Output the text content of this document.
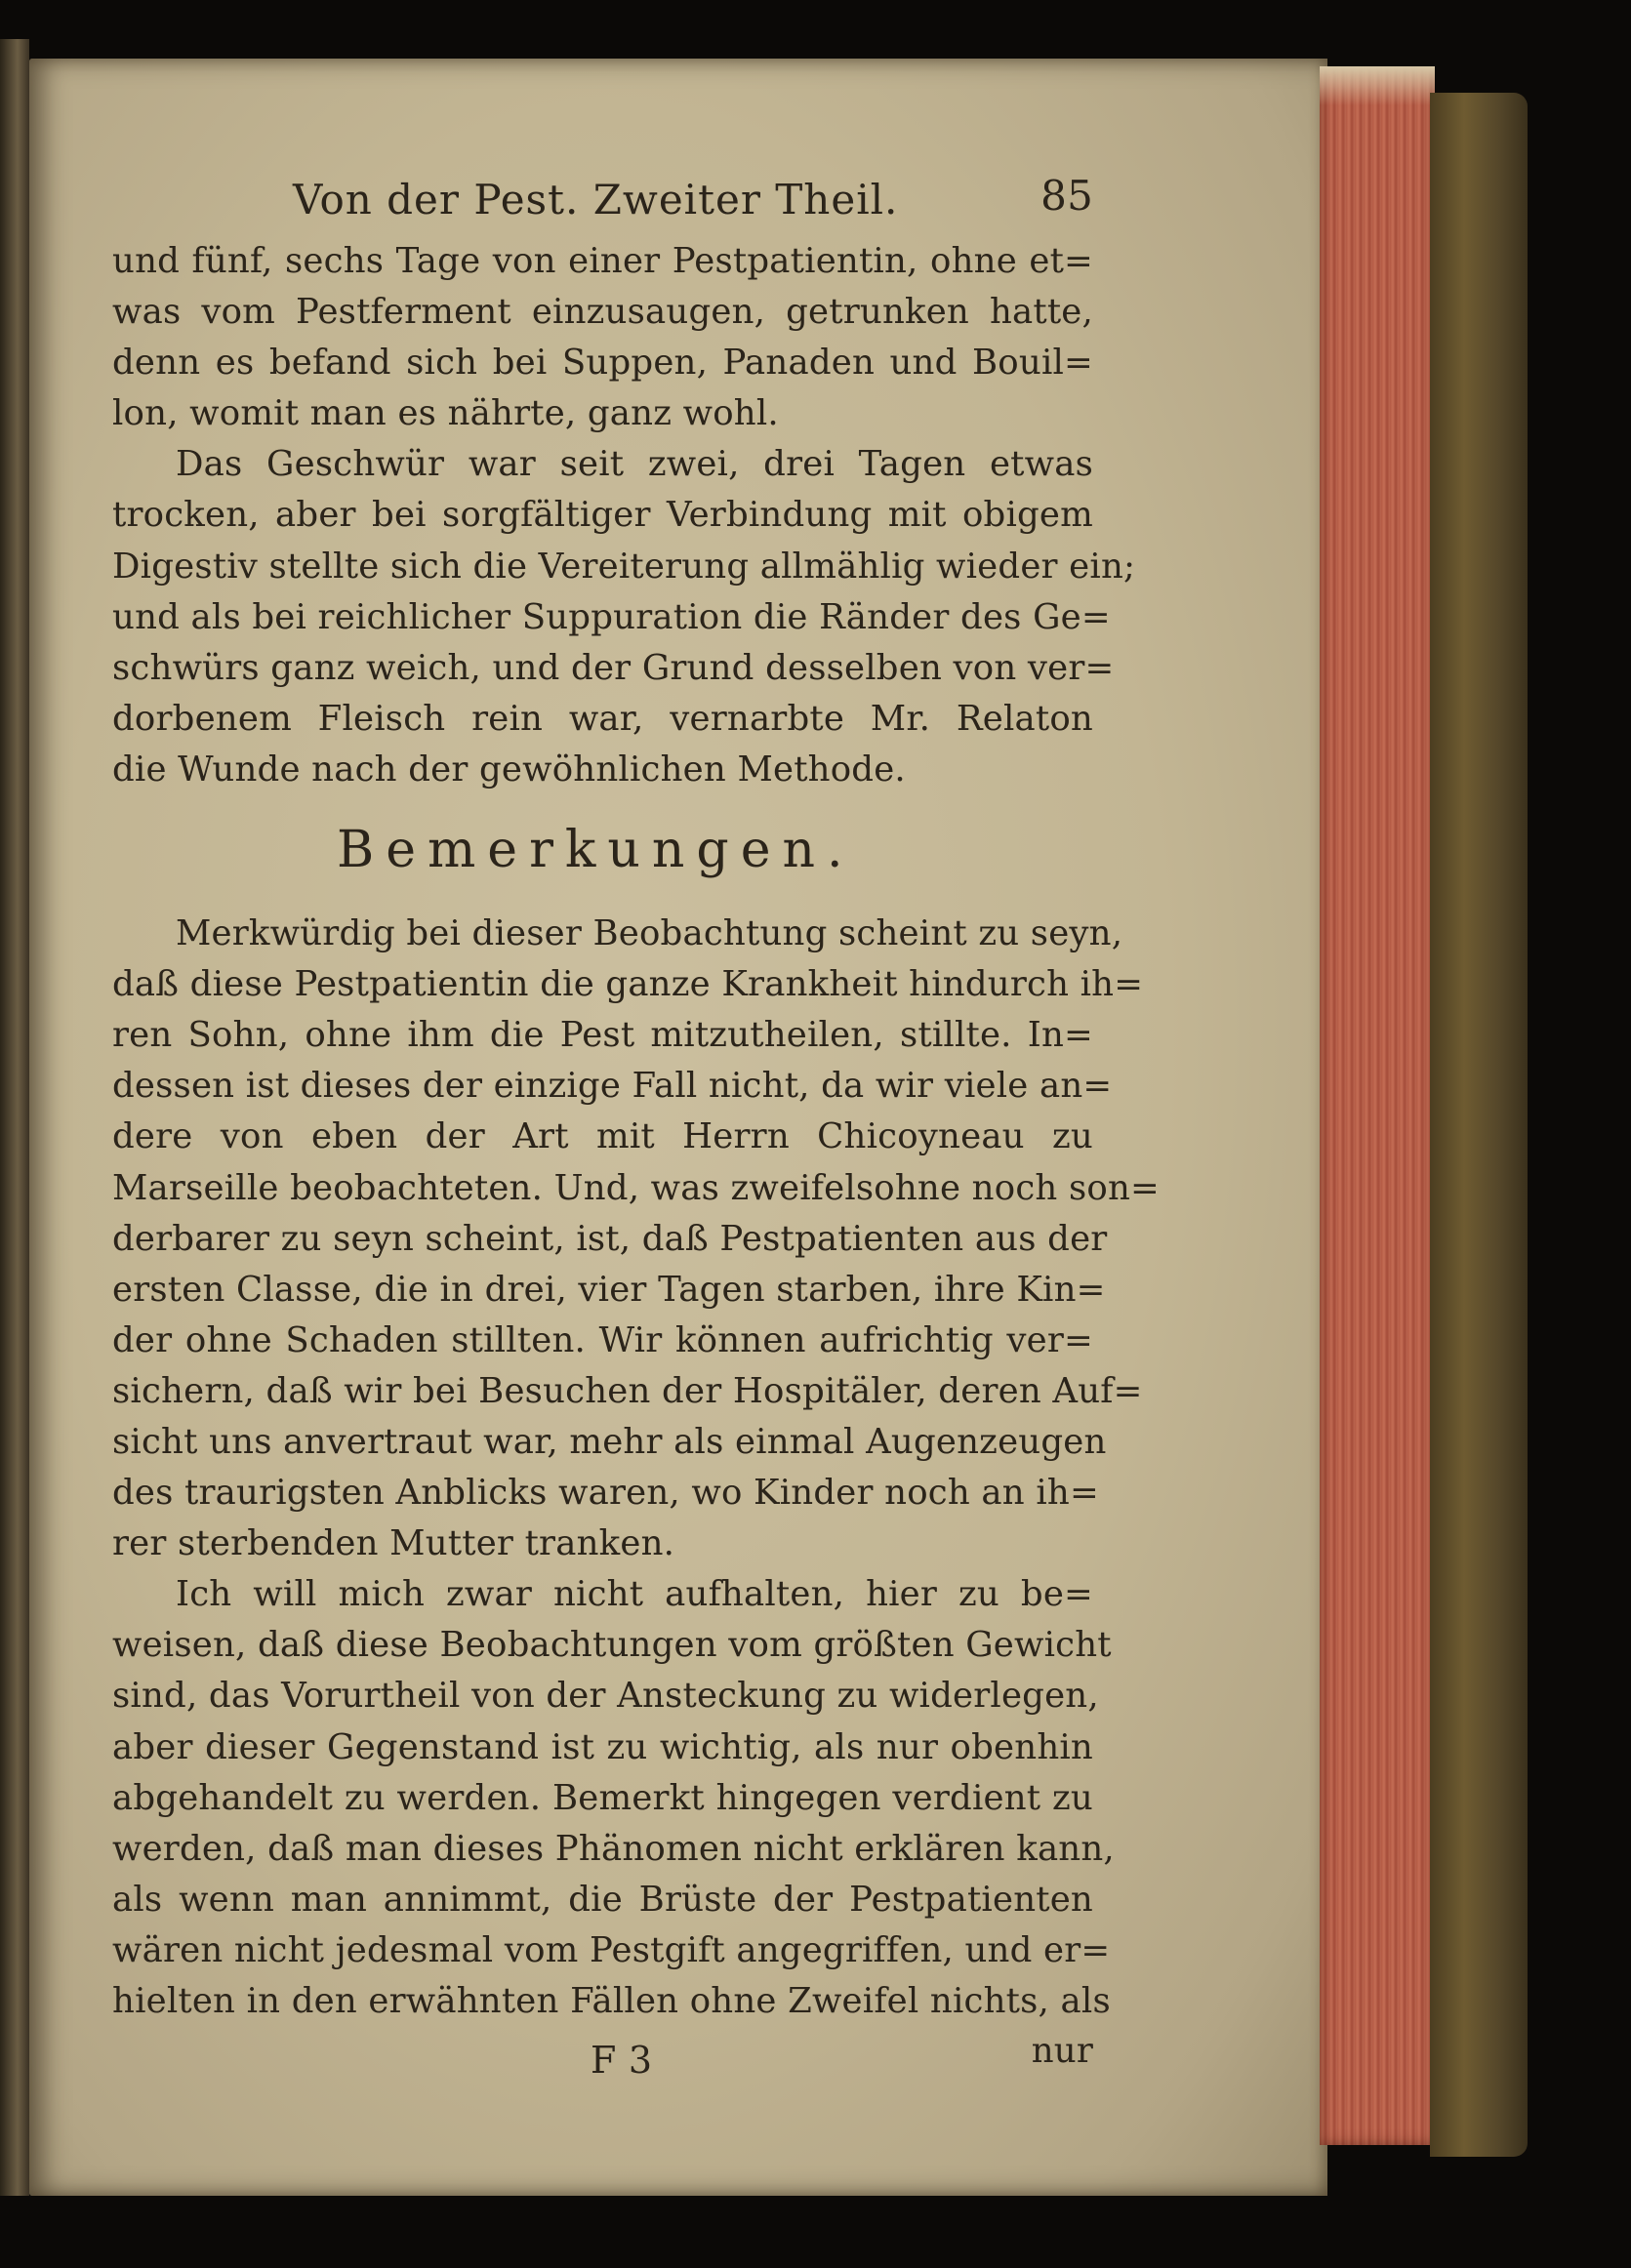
Von der Pest. Zweiter Theil.	85
und fünf, sechs Tage von einer Pestpatientin, ohne et=
was vom Pestferment einzusaugen, getrunken hatte,
denn es befand sich bei Suppen, Panaden und Bouil=
lon, womit man es nährte, ganz wohl.
Das Geschwür war seit zwei, drei Tagen etwas
trocken, aber bei sorgfältiger Verbindung mit obigem
Digestiv stellte sich die Vereiterung allmählig wieder ein;
und als bei reichlicher Suppuration die Ränder des Ge=
schwürs ganz weich, und der Grund desselben von ver=
dorbenem Fleisch rein war, vernarbte Mr. Relaton
die Wunde nach der gewöhnlichen Methode.
Bemerkungen.
Merkwürdig bei dieser Beobachtung scheint zu seyn,
daß diese Pestpatientin die ganze Krankheit hindurch ih=
ren Sohn, ohne ihm die Pest mitzutheilen, stillte. In=
dessen ist dieses der einzige Fall nicht, da wir viele an=
dere von eben der Art mit Herrn Chicoyneau zu
Marseille beobachteten. Und, was zweifelsohne noch son=
derbarer zu seyn scheint, ist, daß Pestpatienten aus der
ersten Classe, die in drei, vier Tagen starben, ihre Kin=
der ohne Schaden stillten. Wir können aufrichtig ver=
sichern, daß wir bei Besuchen der Hospitäler, deren Auf=
sicht uns anvertraut war, mehr als einmal Augenzeugen
des traurigsten Anblicks waren, wo Kinder noch an ih=
rer sterbenden Mutter tranken.
Ich will mich zwar nicht aufhalten, hier zu be=
weisen, daß diese Beobachtungen vom größten Gewicht
sind, das Vorurtheil von der Ansteckung zu widerlegen,
aber dieser Gegenstand ist zu wichtig, als nur obenhin
abgehandelt zu werden. Bemerkt hingegen verdient zu
werden, daß man dieses Phänomen nicht erklären kann,
als wenn man annimmt, die Brüste der Pestpatienten
wären nicht jedesmal vom Pestgift angegriffen, und er=
hielten in den erwähnten Fällen ohne Zweifel nichts, als
F 3	nur
